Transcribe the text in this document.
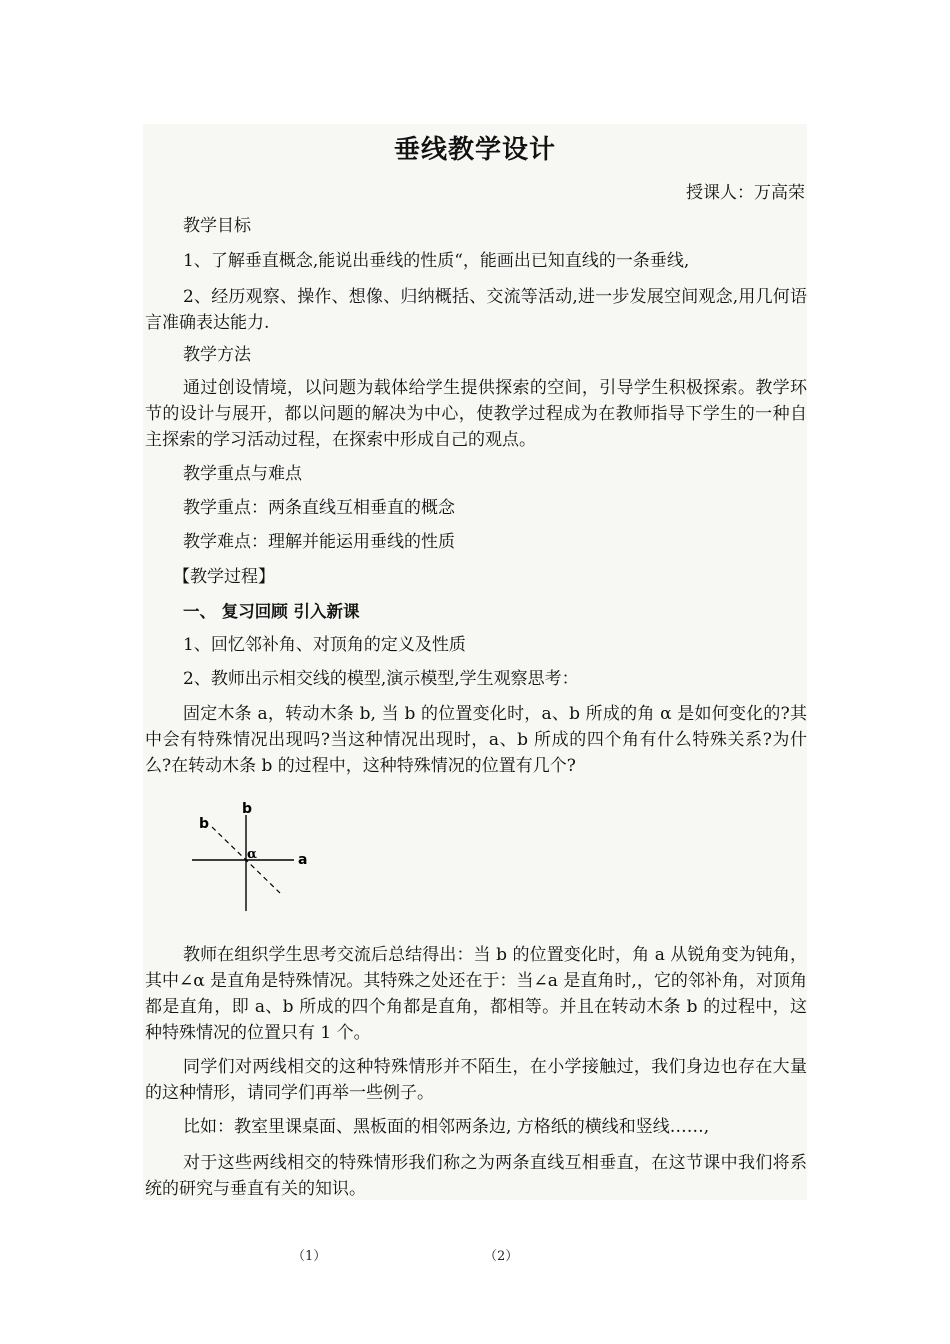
垂线教学设计
授课人：万高荣

教学目标

1、了解垂直概念,能说出垂线的性质“，能画出已知直线的一条垂线,

2、经历观察、操作、想像、归纳概括、交流等活动,进一步发展空间观念,用几何语言准确表达能力.

教学方法

通过创设情境，以问题为载体给学生提供探索的空间，引导学生积极探索。教学环节的设计与展开，都以问题的解决为中心，使教学过程成为在教师指导下学生的一种自主探索的学习活动过程，在探索中形成自己的观点。

教学重点与难点

教学重点：两条直线互相垂直的概念

教学难点：理解并能运用垂线的性质

【教学过程】

一、 复习回顾 引入新课

1、回忆邻补角、对顶角的定义及性质

2、教师出示相交线的模型,演示模型,学生观察思考：

固定木条 a，转动木条 b, 当 b 的位置变化时，a、b 所成的角 α 是如何变化的?其中会有特殊情况出现吗?当这种情况出现时，a、b 所成的四个角有什么特殊关系?为什么?在转动木条 b 的过程中，这种特殊情况的位置有几个?

b
b
α	a

教师在组织学生思考交流后总结得出：当 b 的位置变化时，角 a 从锐角变为钝角，其中∠α 是直角是特殊情况。其特殊之处还在于：当∠a 是直角时,，它的邻补角，对顶角都是直角，即 a、b 所成的四个角都是直角，都相等。并且在转动木条 b 的过程中，这种特殊情况的位置只有 1 个。

同学们对两线相交的这种特殊情形并不陌生，在小学接触过，我们身边也存在大量的这种情形，请同学们再举一些例子。

比如：教室里课桌面、黑板面的相邻两条边, 方格纸的横线和竖线……,

对于这些两线相交的特殊情形我们称之为两条直线互相垂直，在这节课中我们将系统的研究与垂直有关的知识。

（1）	（2）
